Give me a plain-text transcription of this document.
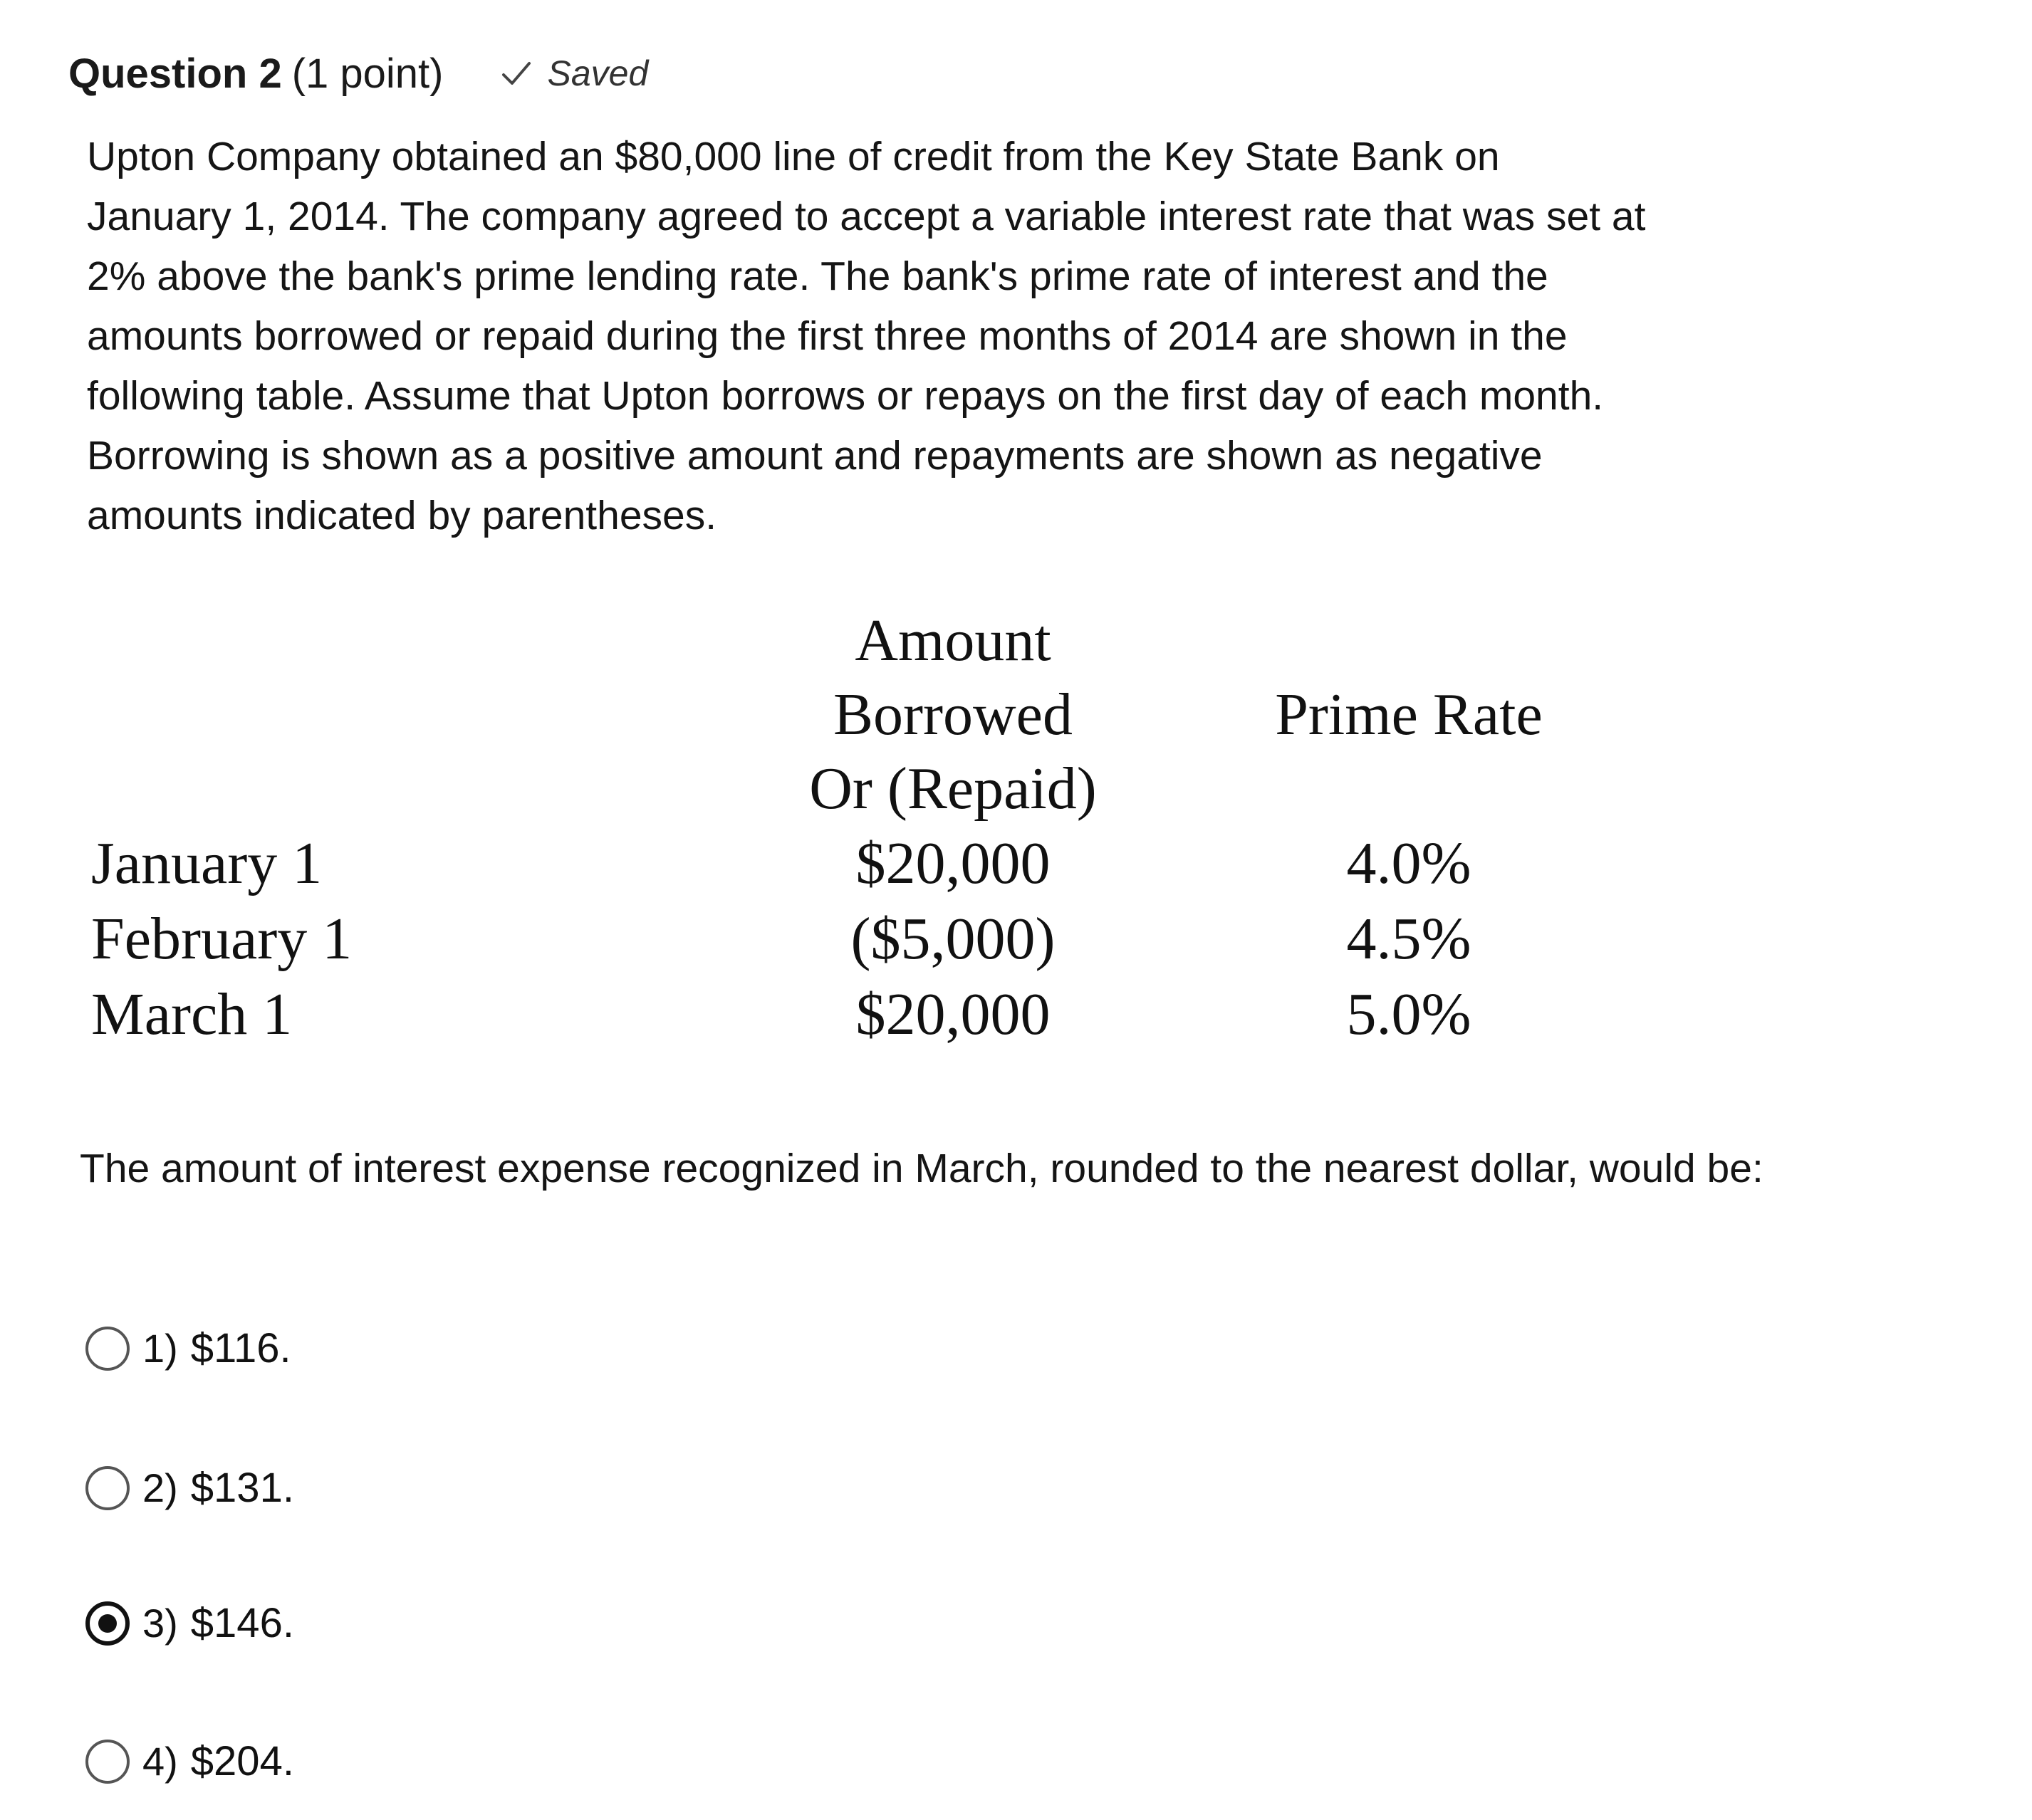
Question 2 (1 point)	Saved

Upton Company obtained an $80,000 line of credit from the Key State Bank on January 1, 2014. The company agreed to accept a variable interest rate that was set at 2% above the bank's prime lending rate. The bank's prime rate of interest and the amounts borrowed or repaid during the first three months of 2014 are shown in the following table. Assume that Upton borrows or repays on the first day of each month. Borrowing is shown as a positive amount and repayments are shown as negative amounts indicated by parentheses.

Amount
Borrowed
Or (Repaid)
Prime Rate
January 1	$20,000	4.0%
February 1	($5,000)	4.5%
March 1	$20,000	5.0%
The amount of interest expense recognized in March, rounded to the nearest dollar, would be:
1) $116.
2) $131.
3) $146.
4) $204.
